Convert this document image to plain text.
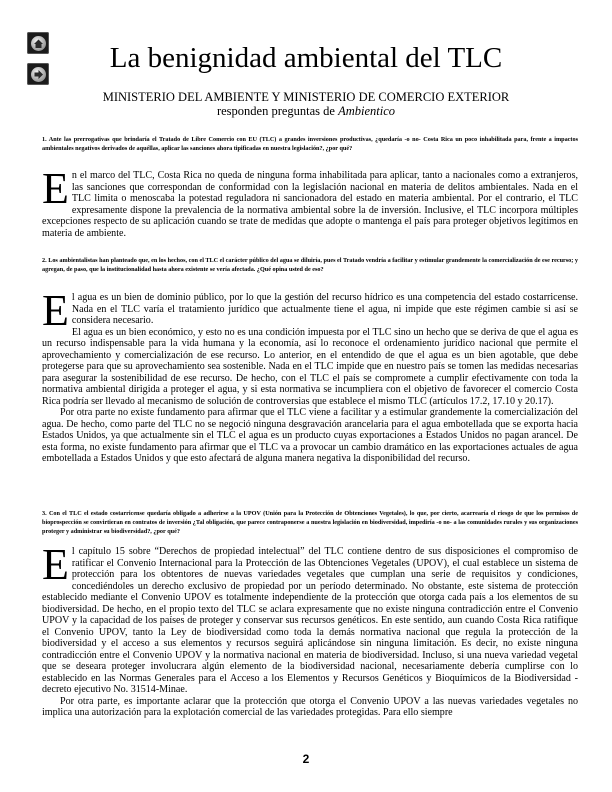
La benignidad ambiental del TLC
MINISTERIO DEL AMBIENTE Y MINISTERIO DE COMERCIO EXTERIOR
responden preguntas de Ambientico
1. Ante las prerrogativas que brindaría el Tratado de Libre Comercio con EU (TLC) a grandes inversiones productivas, ¿quedaría -o no- Costa Rica un poco inhabilitada para, frente a impactos ambientales negativos derivados de aquéllas, aplicar las sanciones ahora tipificadas en nuestra legislación?, ¿por qué?

En el marco del TLC, Costa Rica no queda de ninguna forma inhabilitada para aplicar, tanto a nacionales como a extranjeros, las sanciones que correspondan de conformidad con la legislación nacional en materia de delitos ambientales. Nada en el TLC limita o menoscaba la potestad reguladora ni sancionadora del estado en materia ambiental. Por el contrario, el TLC expresamente dispone la prevalencia de la normativa ambiental sobre la de inversión. Inclusive, el TLC incorpora múltiples excepciones respecto de su aplicación cuando se trate de medidas que adopte o mantenga el país para proteger objetivos legítimos en materia de ambiente.

2. Los ambientalistas han planteado que, en los hechos, con el TLC el carácter público del agua se diluiría, pues el Tratado vendría a facilitar y estimular grandemente la comercialización de ese recurso; y agregan, de paso, que la institucionalidad hasta ahora existente se vería afectada. ¿Qué opina usted de eso?

El agua es un bien de dominio público, por lo que la gestión del recurso hídrico es una competencia del estado costarricense. Nada en el TLC varía el tratamiento jurídico que actualmente tiene el agua, ni impide que este régimen cambie si así se considera necesario.

El agua es un bien económico, y esto no es una condición impuesta por el TLC sino un hecho que se deriva de que el agua es un recurso indispensable para la vida humana y la economía, así lo reconoce el ordenamiento jurídico nacional que permite el aprovechamiento y comercialización de ese recurso. Lo anterior, en el entendido de que el agua es un bien agotable, que debe protegerse para que su aprovechamiento sea sostenible. Nada en el TLC impide que en nuestro país se tomen las medidas necesarias para asegurar la sostenibilidad de ese recurso. De hecho, con el TLC el país se compromete a cumplir efectivamente con toda la normativa ambiental dirigida a proteger el agua, y si esta normativa se incumpliera con el objetivo de favorecer el comercio Costa Rica podría ser llevado al mecanismo de solución de controversias que establece el mismo TLC (artículos 17.2, 17.10 y 20.17).

Por otra parte no existe fundamento para afirmar que el TLC viene a facilitar y a estimular grandemente la comercialización del agua. De hecho, como parte del TLC no se negoció ninguna desgravación arancelaria para el agua embotellada que se exporta hacia Estados Unidos, ya que actualmente sin el TLC el agua es un producto cuyas exportaciones a Estados Unidos no pagan arancel. De esta forma, no existe fundamento para afirmar que el TLC va a provocar un cambio dramático en las exportaciones actuales de agua embotellada a Estados Unidos y que esto afectará de alguna manera negativa la disponibilidad del recurso.

3. Con el TLC el estado costarricense quedaría obligado a adherirse a la UPOV (Unión para la Protección de Obtenciones Vegetales), lo que, por cierto, acarrearía el riesgo de que los permisos de bioprospección se convirtieran en contratos de inversión ¿Tal obligación, que parece contraponerse a nuestra legislación en biodiversidad, impediría -o no- a las comunidades rurales y sus organizaciones proteger y administrar su biodiversidad?, ¿por qué?

El capítulo 15 sobre “Derechos de propiedad intelectual” del TLC contiene dentro de sus disposiciones el compromiso de ratificar el Convenio Internacional para la Protección de las Obtenciones Vegetales (UPOV), el cual establece un sistema de protección para los obtentores de nuevas variedades vegetales que cumplan una serie de requisitos y condiciones, concediéndoles un derecho exclusivo de propiedad por un período determinado. No obstante, este sistema de protección establecido mediante el Convenio UPOV es totalmente independiente de la protección que otorga cada país a los elementos de su biodiversidad. De hecho, en el propio texto del TLC se aclara expresamente que no existe ninguna contradicción entre el Convenio UPOV y la capacidad de los países de proteger y conservar sus recursos genéticos. En este sentido, aun cuando Costa Rica ratifique el Convenio UPOV, tanto la Ley de biodiversidad como toda la demás normativa nacional que regula la protección de la biodiversidad y el acceso a sus elementos y recursos seguirá aplicándose sin ninguna limitación. Es decir, no existe ninguna contradicción entre el Convenio UPOV y la normativa nacional en materia de biodiversidad. Incluso, si una nueva variedad vegetal que se deseara proteger involucrara algún elemento de la biodiversidad nacional, necesariamente debería cumplirse con lo establecido en las Normas Generales para el Acceso a los Elementos y Recursos Genéticos y Bioquímicos de la Biodiversidad -decreto ejecutivo No. 31514-Minae.

Por otra parte, es importante aclarar que la protección que otorga el Convenio UPOV a las nuevas variedades vegetales no implica una autorización para la explotación comercial de las variedades protegidas. Para ello siempre

2
